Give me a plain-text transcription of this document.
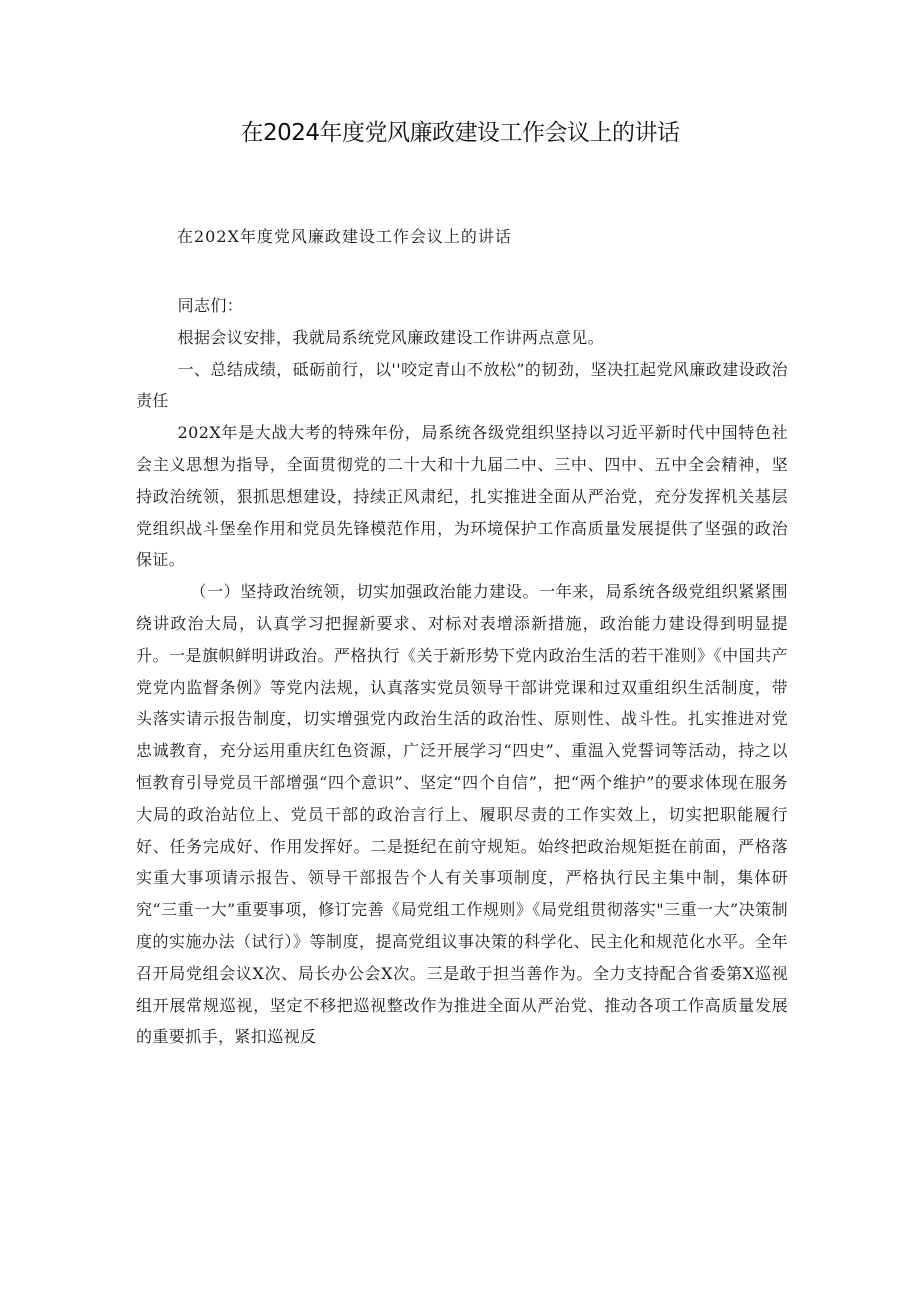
在2024年度党风廉政建设工作会议上的讲话

在202X年度党风廉政建设工作会议上的讲话

同志们：

根据会议安排，我就局系统党风廉政建设工作讲两点意见。

一、总结成绩，砥砺前行，以''咬定青山不放松”的韧劲，坚决扛起党风廉政建设政治责任

202X年是大战大考的特殊年份，局系统各级党组织坚持以习近平新时代中国特色社会主义思想为指导，全面贯彻党的二十大和十九届二中、三中、四中、五中全会精神，坚持政治统领，狠抓思想建设，持续正风肃纪，扎实推进全面从严治党，充分发挥机关基层党组织战斗堡垒作用和党员先锋模范作用，为环境保护工作高质量发展提供了坚强的政治保证。

（一）坚持政治统领，切实加强政治能力建设。一年来，局系统各级党组织紧紧围绕讲政治大局，认真学习把握新要求、对标对表增添新措施，政治能力建设得到明显提升。一是旗帜鲜明讲政治。严格执行《关于新形势下党内政治生活的若干准则》《中国共产党党内监督条例》等党内法规，认真落实党员领导干部讲党课和过双重组织生活制度，带头落实请示报告制度，切实增强党内政治生活的政治性、原则性、战斗性。扎实推进对党忠诚教育，充分运用重庆红色资源，广泛开展学习“四史”、重温入党誓词等活动，持之以恒教育引导党员干部增强“四个意识”、坚定“四个自信”，把“两个维护”的要求体现在服务大局的政治站位上、党员干部的政治言行上、履职尽责的工作实效上，切实把职能履行好、任务完成好、作用发挥好。二是挺纪在前守规矩。始终把政治规矩挺在前面，严格落实重大事项请示报告、领导干部报告个人有关事项制度，严格执行民主集中制，集体研究“三重一大”重要事项，修订完善《局党组工作规则》《局党组贯彻落实"三重一大”决策制度的实施办法（试行）》等制度，提高党组议事决策的科学化、民主化和规范化水平。全年召开局党组会议X次、局长办公会X次。三是敢于担当善作为。全力支持配合省委第X巡视组开展常规巡视，坚定不移把巡视整改作为推进全面从严治党、推动各项工作高质量发展的重要抓手，紧扣巡视反
